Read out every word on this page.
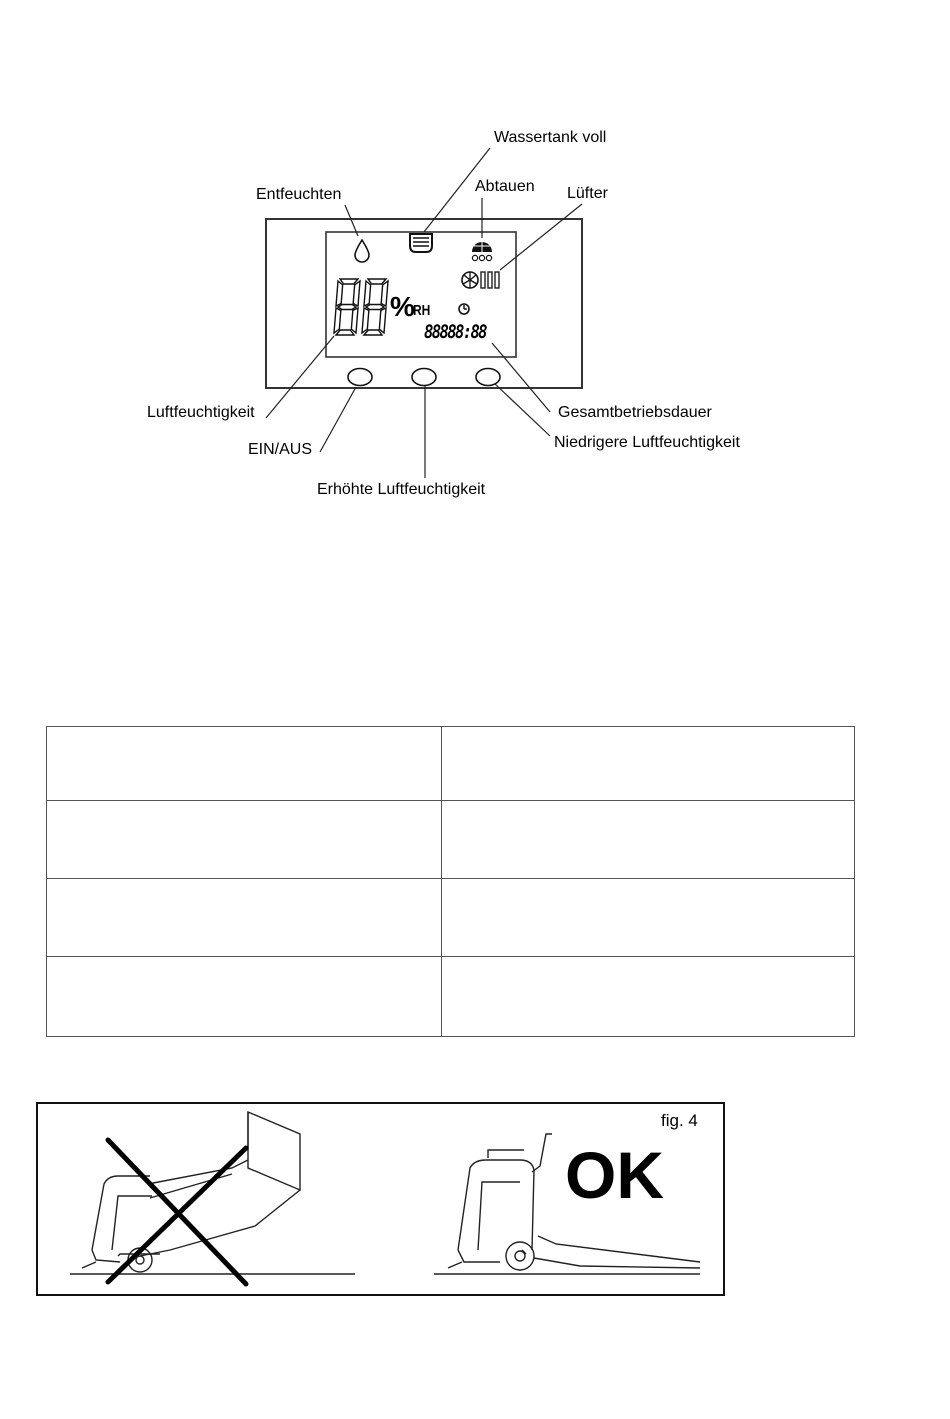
%
RH
88888:88
Wassertank voll
Abtauen Lüfter
Entfeuchten
Luftfeuchtigkeit	Gesamtbetriebsdauer
EIN/AUS	Niedrigere Luftfeuchtigkeit
Erhöhte Luftfeuchtigkeit

fig. 4
OK
